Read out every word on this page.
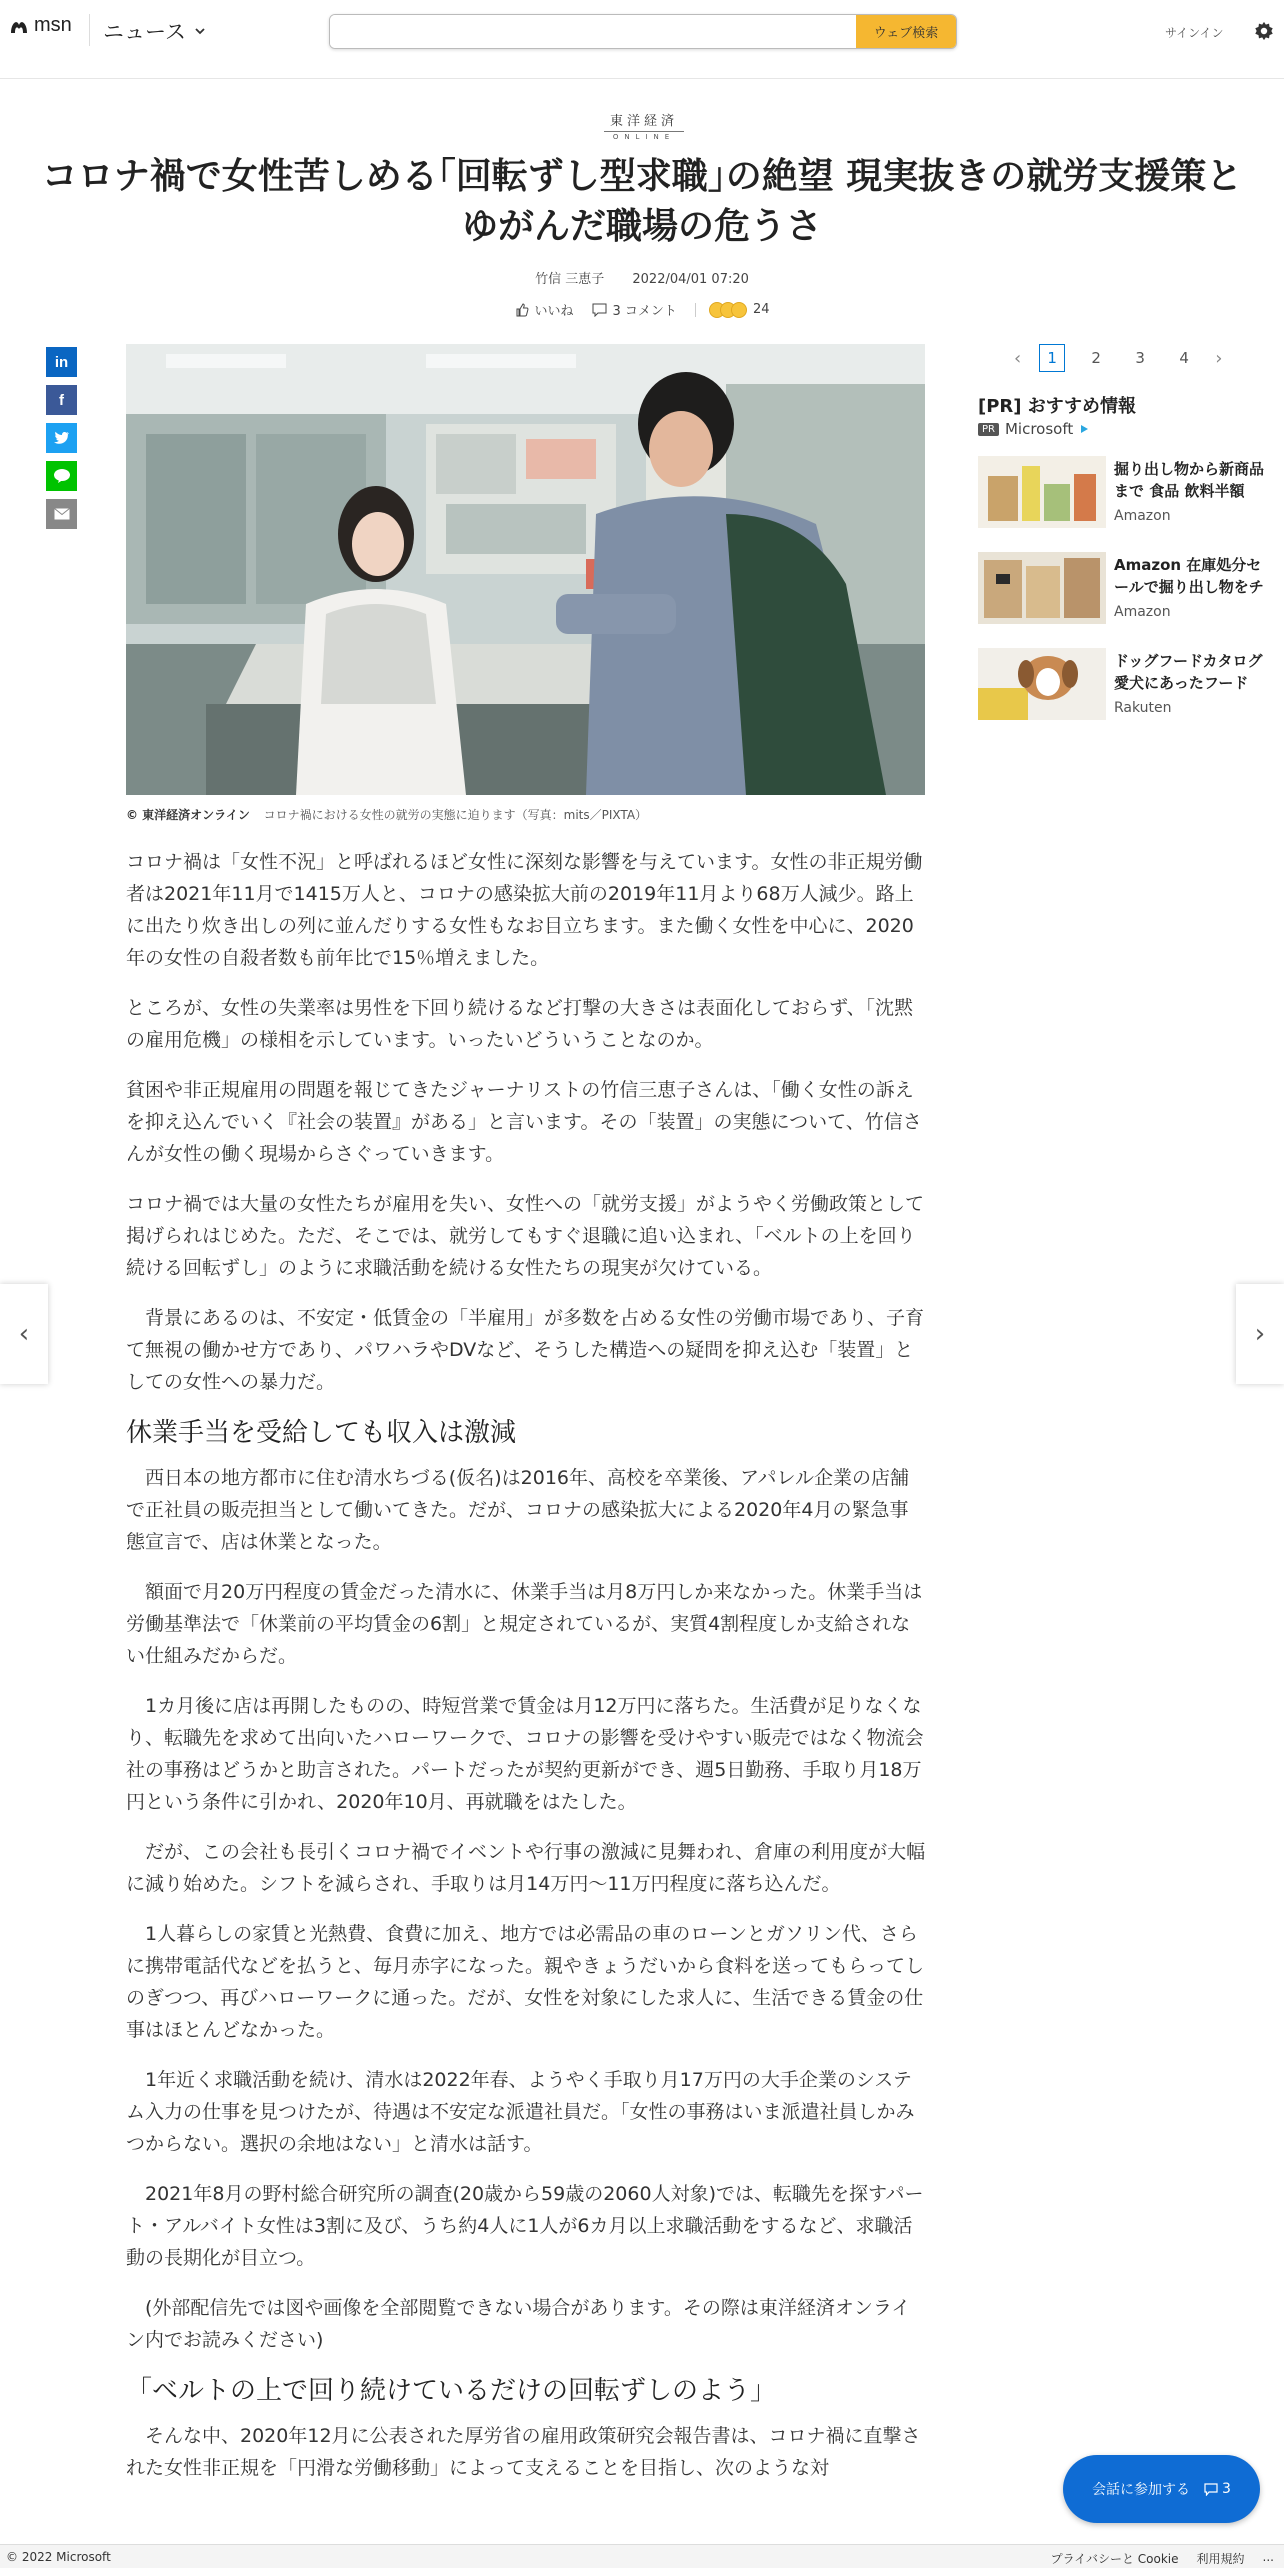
msn ニュース	ウェブ検索	サインイン
東洋経済
ONLINE
コロナ禍で女性苦しめる｢回転ずし型求職｣の絶望 現実抜きの就労支援策とゆがんだ職場の危うさ
竹信 三恵子 2022/04/01 07:20
いいね	3 コメント	24
in
f
© 東洋経済オンライン コロナ禍における女性の就労の実態に迫ります（写真：mits／PIXTA）

コロナ禍は「女性不況」と呼ばれるほど女性に深刻な影響を与えています。女性の非正規労働者は2021年11月で1415万人と、コロナの感染拡大前の2019年11月より68万人減少。路上に出たり炊き出しの列に並んだりする女性もなお目立ちます。また働く女性を中心に、2020年の女性の自殺者数も前年比で15％増えました。

ところが、女性の失業率は男性を下回り続けるなど打撃の大きさは表面化しておらず、「沈黙の雇用危機」の様相を示しています。いったいどういうことなのか。

貧困や非正規雇用の問題を報じてきたジャーナリストの竹信三恵子さんは、「働く女性の訴えを抑え込んでいく『社会の装置』がある」と言います。その「装置」の実態について、竹信さんが女性の働く現場からさぐっていきます。

コロナ禍では大量の女性たちが雇用を失い、女性への「就労支援」がようやく労働政策として掲げられはじめた。ただ、そこでは、就労してもすぐ退職に追い込まれ、「ベルトの上を回り続ける回転ずし」のように求職活動を続ける女性たちの現実が欠けている。

　背景にあるのは、不安定・低賃金の「半雇用」が多数を占める女性の労働市場であり、子育て無視の働かせ方であり、パワハラやDVなど、そうした構造への疑問を抑え込む「装置」としての女性への暴力だ。

休業手当を受給しても収入は激減

　西日本の地方都市に住む清水ちづる(仮名)は2016年、高校を卒業後、アパレル企業の店舗で正社員の販売担当として働いてきた。だが、コロナの感染拡大による2020年4月の緊急事態宣言で、店は休業となった。

　額面で月20万円程度の賃金だった清水に、休業手当は月8万円しか来なかった。休業手当は労働基準法で「休業前の平均賃金の6割」と規定されているが、実質4割程度しか支給されない仕組みだからだ。

　1カ月後に店は再開したものの、時短営業で賃金は月12万円に落ちた。生活費が足りなくなり、転職先を求めて出向いたハローワークで、コロナの影響を受けやすい販売ではなく物流会社の事務はどうかと助言された。パートだったが契約更新ができ、週5日勤務、手取り月18万円という条件に引かれ、2020年10月、再就職をはたした。

　だが、この会社も長引くコロナ禍でイベントや行事の激減に見舞われ、倉庫の利用度が大幅に減り始めた。シフトを減らされ、手取りは月14万円～11万円程度に落ち込んだ。

　1人暮らしの家賃と光熱費、食費に加え、地方では必需品の車のローンとガソリン代、さらに携帯電話代などを払うと、毎月赤字になった。親やきょうだいから食料を送ってもらってしのぎつつ、再びハローワークに通った。だが、女性を対象にした求人に、生活できる賃金の仕事はほとんどなかった。

　1年近く求職活動を続け、清水は2022年春、ようやく手取り月17万円の大手企業のシステム入力の仕事を見つけたが、待遇は不安定な派遣社員だ。「女性の事務はいま派遣社員しかみつからない。選択の余地はない」と清水は話す。

　2021年8月の野村総合研究所の調査(20歳から59歳の2060人対象)では、転職先を探すパート・アルバイト女性は3割に及び、うち約4人に1人が6カ月以上求職活動をするなど、求職活動の長期化が目立つ。

　(外部配信先では図や画像を全部閲覧できない場合があります。その際は東洋経済オンライン内でお読みください)

「ベルトの上で回り続けているだけの回転ずしのよう」

　そんな中、2020年12月に公表された厚労省の雇用政策研究会報告書は、コロナ禍に直撃された女性非正規を「円滑な労働移動」によって支えることを目指し、次のような対

‹	1	2	3	4	›
[PR] おすすめ情報
PR Microsoft
掘り出し物から新商品まで 食品 飲料半額
Amazon
Amazon 在庫処分セールで掘り出し物をチ
Amazon
ドッグフードカタログ 愛犬にあったフード
Rakuten
‹	›
会話に参加する 3
© 2022 Microsoft	プライバシーと Cookie 利用規約 ...
